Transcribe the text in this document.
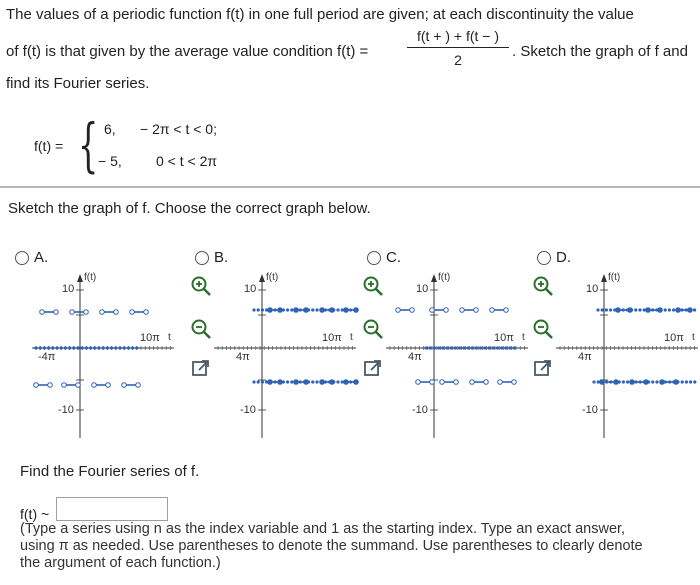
The values of a periodic function f(t) in one full period are given; at each discontinuity the value
of f(t) is that given by the average value condition f(t) =
f(t + ) + f(t − )
2	. Sketch the graph of f and
find its Fourier series.
f(t) = { 6, − 2π < t < 0;
− 5, 0 < t < 2π
Sketch the graph of f. Choose the correct graph below.
A.
f(t)
t
10
-4π
10π
-10
B.
f(t)
t
10
4π
10π
-10
C.
f(t)
t
10
4π
10π
-10
D.
f(t)
t
10
4π
10π
-10
Find the Fourier series of f.
f(t) ~
(Type a series using n as the index variable and 1 as the starting index. Type an exact answer,
using π as needed. Use parentheses to denote the summand. Use parentheses to clearly denote
the argument of each function.)
